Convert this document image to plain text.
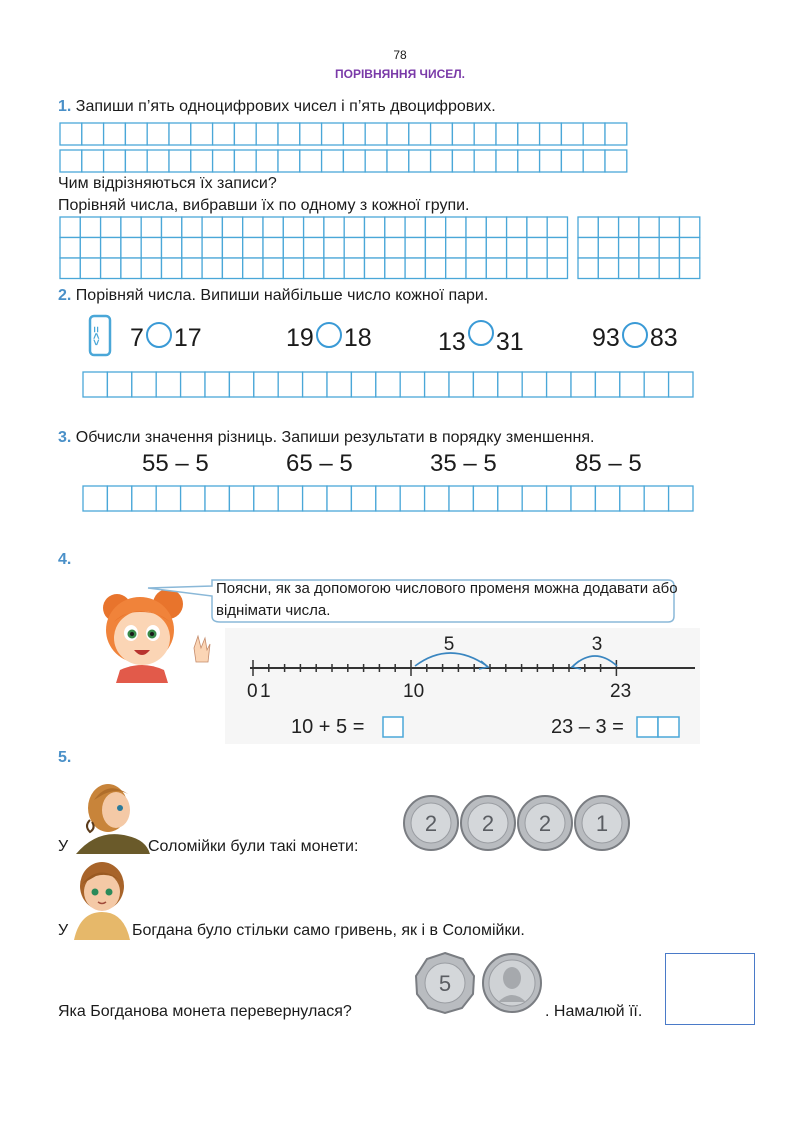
78
ПОРІВНЯННЯ ЧИСЕЛ.
1. Запиши п’ять одноцифрових чисел і п’ять двоцифрових.
Чим відрізняються їх записи?
Порівняй числа, вибравши їх по одному з кожної групи.
2. Порівняй числа. Випиши найбільше число кожної пари.
<>= 7 17	19 18	13 31	93 83
3. Обчисли значення різниць. Запиши результати в порядку зменшення.
55 – 5	65 – 5	35 – 5	85 – 5
4.
Поясни, як за допомогою числового променя можна додавати або віднімати числа.
5	3
0 1	10	23
10 + 5 =	23 – 3 =
5.
У	Соломійки були такі монети:
2 2 2 1
У	Богдана було стільки само гривень, як і в Соломійки.
Яка Богданова монета перевернулася?
5
. Намалюй її.
